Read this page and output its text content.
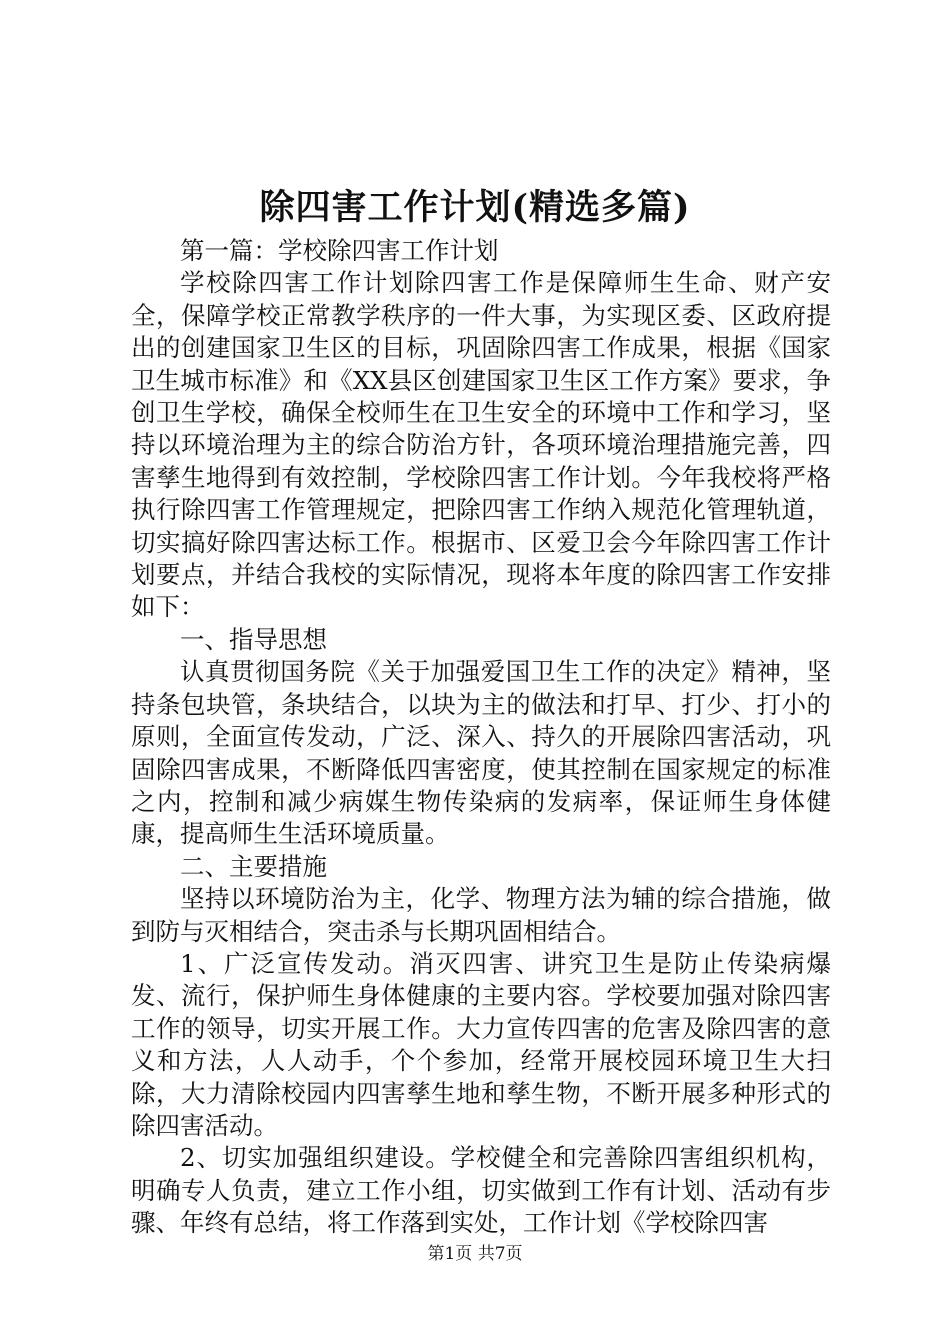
除四害工作计划(精选多篇)

第一篇：学校除四害工作计划

学校除四害工作计划除四害工作是保障师生生命、财产安全，保障学校正常教学秩序的一件大事，为实现区委、区政府提出的创建国家卫生区的目标，巩固除四害工作成果，根据《国家卫生城市标准》和《XX县区创建国家卫生区工作方案》要求，争创卫生学校，确保全校师生在卫生安全的环境中工作和学习，坚持以环境治理为主的综合防治方针，各项环境治理措施完善，四害孳生地得到有效控制，学校除四害工作计划。今年我校将严格执行除四害工作管理规定，把除四害工作纳入规范化管理轨道，切实搞好除四害达标工作。根据市、区爱卫会今年除四害工作计划要点，并结合我校的实际情况，现将本年度的除四害工作安排如下：

一、指导思想

认真贯彻国务院《关于加强爱国卫生工作的决定》精神，坚持条包块管，条块结合，以块为主的做法和打早、打少、打小的原则，全面宣传发动，广泛、深入、持久的开展除四害活动，巩固除四害成果，不断降低四害密度，使其控制在国家规定的标准之内，控制和减少病媒生物传染病的发病率，保证师生身体健康，提高师生生活环境质量。

二、主要措施

坚持以环境防治为主，化学、物理方法为辅的综合措施，做到防与灭相结合，突击杀与长期巩固相结合。

1、广泛宣传发动。消灭四害、讲究卫生是防止传染病爆发、流行，保护师生身体健康的主要内容。学校要加强对除四害工作的领导，切实开展工作。大力宣传四害的危害及除四害的意义和方法，人人动手，个个参加，经常开展校园环境卫生大扫除，大力清除校园内四害孳生地和孳生物，不断开展多种形式的除四害活动。

2、切实加强组织建设。学校健全和完善除四害组织机构，明确专人负责，建立工作小组，切实做到工作有计划、活动有步骤、年终有总结，将工作落到实处，工作计划《学校除四害

第1页 共7页
